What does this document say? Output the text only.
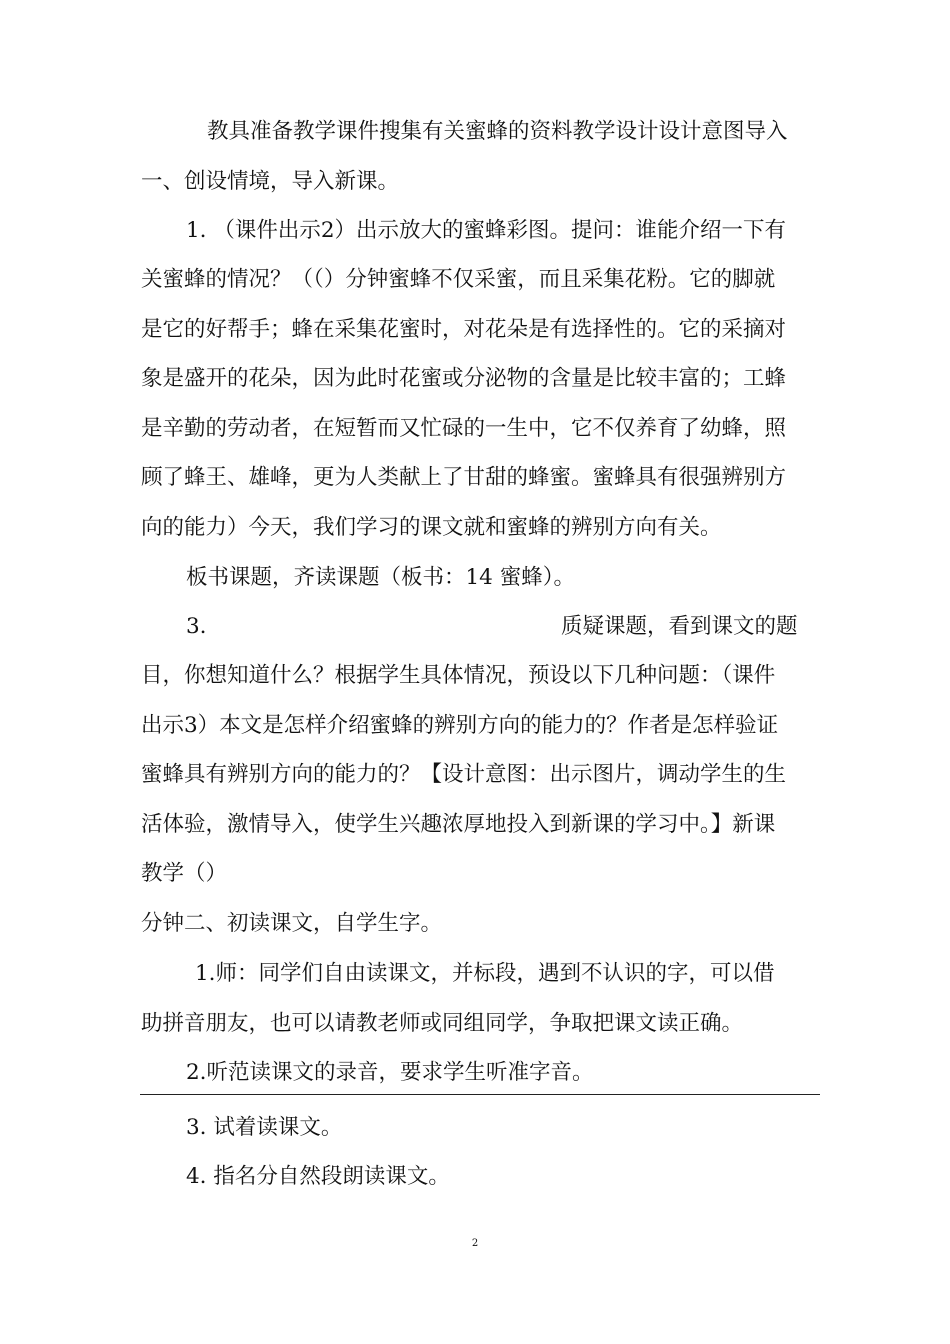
教具准备教学课件搜集有关蜜蜂的资料教学设计设计意图导入
一、创设情境，导入新课。
1. （课件出示2）出示放大的蜜蜂彩图。提问：谁能介绍一下有
关蜜蜂的情况？（（）分钟蜜蜂不仅采蜜，而且采集花粉。它的脚就
是它的好帮手；蜂在采集花蜜时，对花朵是有选择性的。它的采摘对
象是盛开的花朵，因为此时花蜜或分泌物的含量是比较丰富的；工蜂
是辛勤的劳动者，在短暂而又忙碌的一生中，它不仅养育了幼蜂，照
顾了蜂王、雄峰，更为人类献上了甘甜的蜂蜜。蜜蜂具有很强辨别方
向的能力）今天，我们学习的课文就和蜜蜂的辨别方向有关。
板书课题，齐读课题（板书：14 蜜蜂）。
3.	质疑课题，看到课文的题
目，你想知道什么？根据学生具体情况，预设以下几种问题：（课件
出示3）本文是怎样介绍蜜蜂的辨别方向的能力的？作者是怎样验证
蜜蜂具有辨别方向的能力的？【设计意图：出示图片，调动学生的生
活体验，激情导入，使学生兴趣浓厚地投入到新课的学习中。】新课
教学（）
分钟二、初读课文，自学生字。
1.师：同学们自由读课文，并标段，遇到不认识的字，可以借
助拼音朋友，也可以请教老师或同组同学，争取把课文读正确。
2.听范读课文的录音，要求学生听准字音。
3. 试着读课文。
4. 指名分自然段朗读课文。
2
